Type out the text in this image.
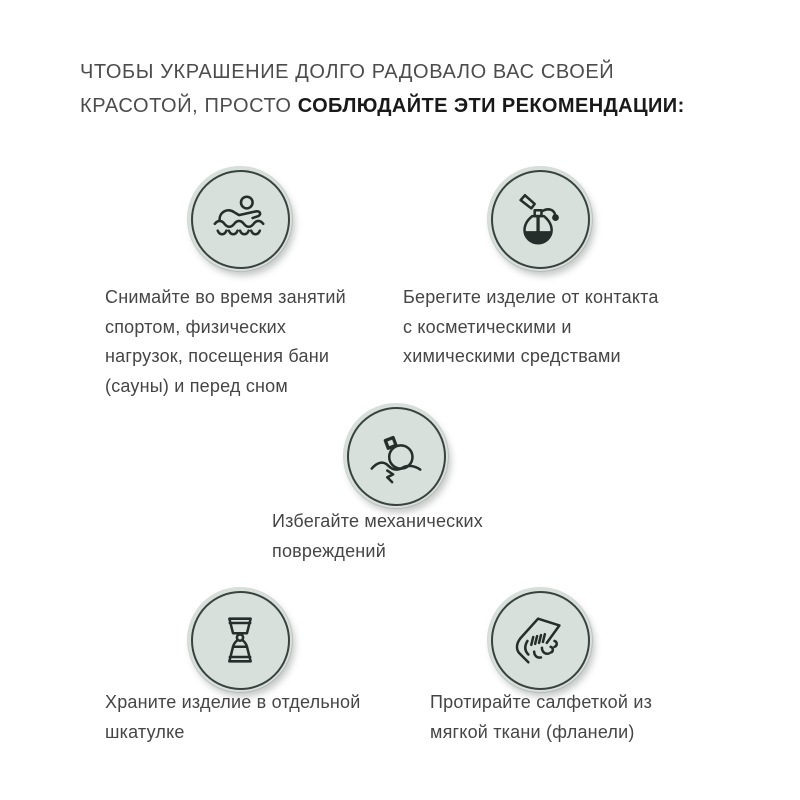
ЧТОБЫ УКРАШЕНИЕ ДОЛГО РАДОВАЛО ВАС СВОЕЙ
КРАСОТОЙ, ПРОСТО СОБЛЮДАЙТЕ ЭТИ РЕКОМЕНДАЦИИ:
Снимайте во время занятий
спортом, физических
нагрузок, посещения бани
(сауны) и перед сном
Берегите изделие от контакта
с косметическими и
химическими средствами
Избегайте механических
повреждений
Храните изделие в отдельной
шкатулке
Протирайте салфеткой из
мягкой ткани (фланели)
